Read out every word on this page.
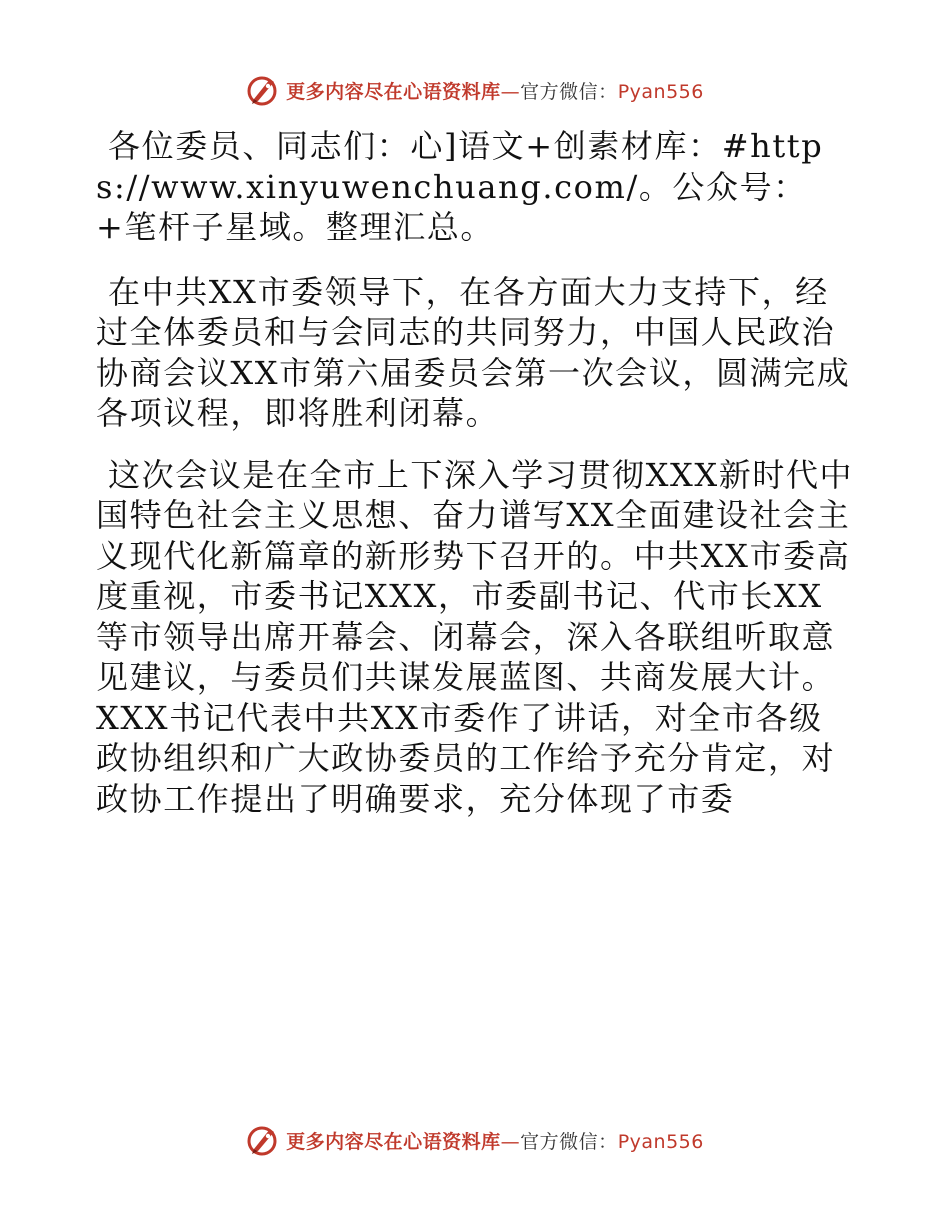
更多内容尽在心语资料库—官方微信：Pyan556

各位委员、同志们：心]语文+创素材库：#https://www.xinyuwenchuang.com/。公众号：+笔杆子星域。整理汇总。

在中共XX市委领导下，在各方面大力支持下，经过全体委员和与会同志的共同努力，中国人民政治协商会议XX市第六届委员会第一次会议，圆满完成各项议程，即将胜利闭幕。

这次会议是在全市上下深入学习贯彻XXX新时代中国特色社会主义思想、奋力谱写XX全面建设社会主义现代化新篇章的新形势下召开的。中共XX市委高度重视，市委书记XXX，市委副书记、代市长XX等市领导出席开幕会、闭幕会，深入各联组听取意见建议，与委员们共谋发展蓝图、共商发展大计。XXX书记代表中共XX市委作了讲话，对全市各级政协组织和广大政协委员的工作给予充分肯定，对政协工作提出了明确要求，充分体现了市委

更多内容尽在心语资料库—官方微信：Pyan556
